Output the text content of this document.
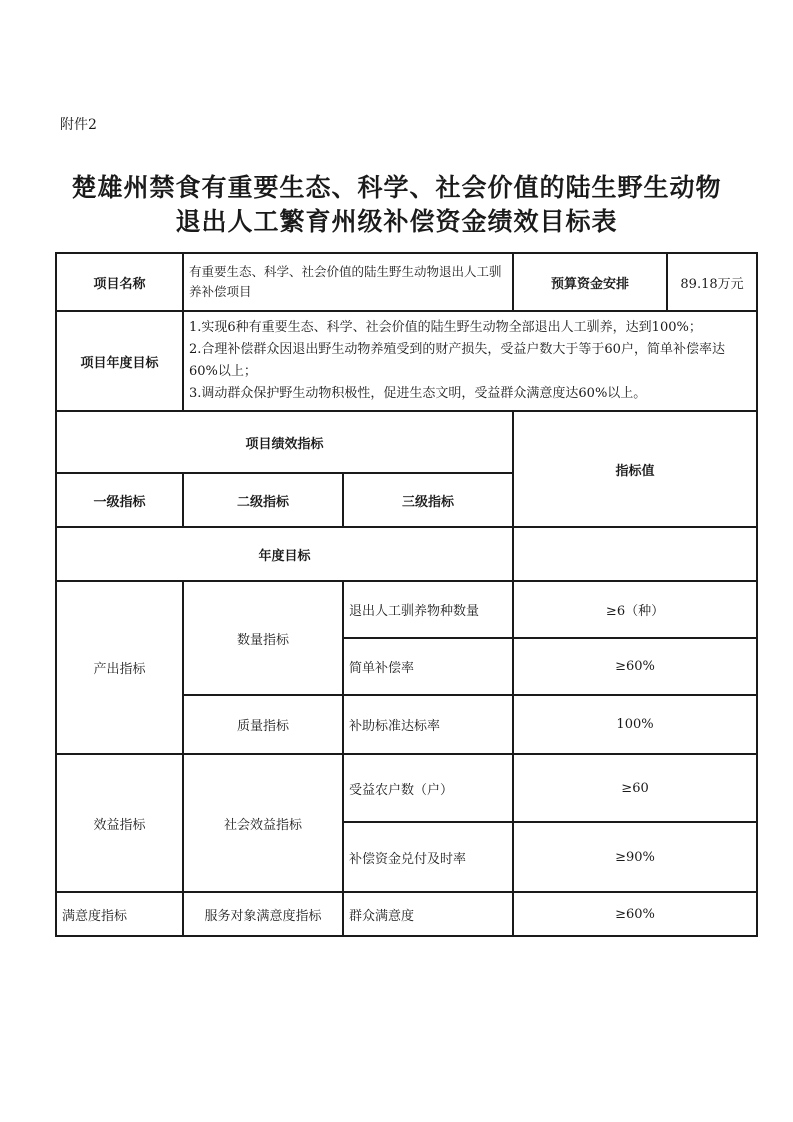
附件2
楚雄州禁食有重要生态、科学、社会价值的陆生野生动物
退出人工繁育州级补偿资金绩效目标表
项目名称	有重要生态、科学、社会价值的陆生野生动物退出人工驯养补偿项目		预算资金安排	89.18万元
项目年度目标	1.实现6种有重要生态、科学、社会价值的陆生野生动物全部退出人工驯养，达到100%；
2.合理补偿群众因退出野生动物养殖受到的财产损失，受益户数大于等于60户，简单补偿率达60%以上；
3.调动群众保护野生动物积极性，促进生态文明，受益群众满意度达60%以上。			

项目绩效指标			指标值	
一级指标	二级指标	三级指标		
年度目标				
产出指标	数量指标	退出人工驯养物种数量	≥6（种）	
		简单补偿率	≥60%	
	质量指标	补助标准达标率	100%	
效益指标	社会效益指标	受益农户数（户）	≥60	
		补偿资金兑付及时率	≥90%	
满意度指标	服务对象满意度指标	群众满意度	≥60%	
